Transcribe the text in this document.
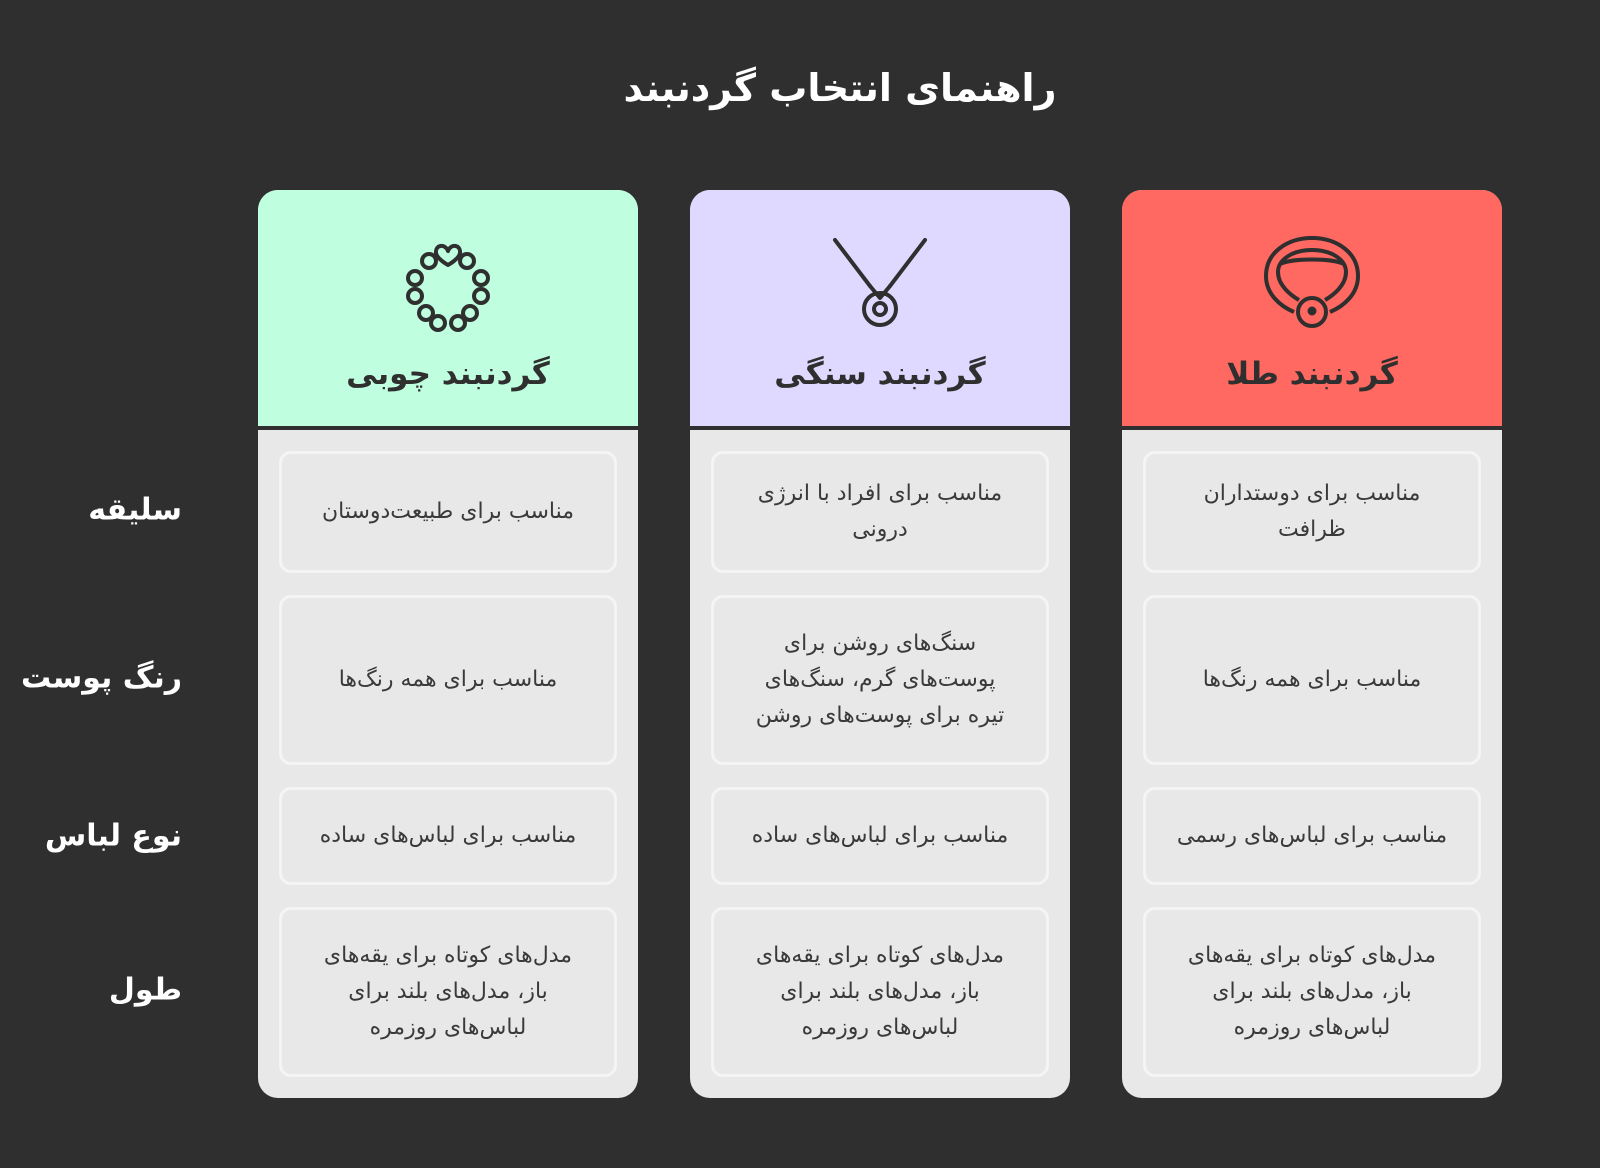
راهنمای انتخاب گردنبند
سلیقه
رنگ پوست
نوع لباس
طول
گردنبند چوبی
مناسب برای طبیعت‌دوستان
مناسب برای همه رنگ‌ها
مناسب برای لباس‌های ساده
مدل‌های کوتاه برای یقه‌های باز، مدل‌های بلند برای لباس‌های روزمره
گردنبند سنگی
مناسب برای افراد با انرژی درونی
سنگ‌های روشن برای پوست‌های گرم، سنگ‌های تیره برای پوست‌های روشن
مناسب برای لباس‌های ساده
مدل‌های کوتاه برای یقه‌های باز، مدل‌های بلند برای لباس‌های روزمره
گردنبند طلا
مناسب برای دوستداران ظرافت
مناسب برای همه رنگ‌ها
مناسب برای لباس‌های رسمی
مدل‌های کوتاه برای یقه‌های باز، مدل‌های بلند برای لباس‌های روزمره
